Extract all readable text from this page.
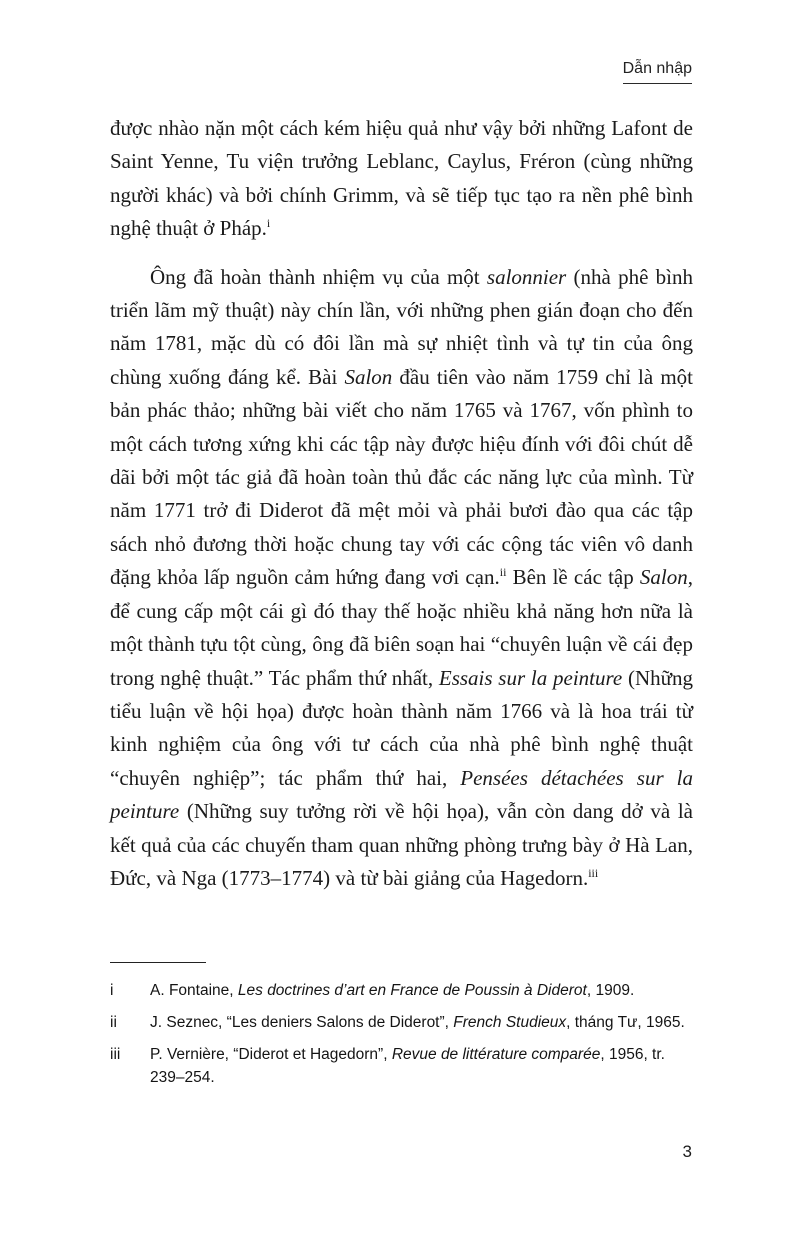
Dẫn nhập

được nhào nặn một cách kém hiệu quả như vậy bởi những Lafont de Saint Yenne, Tu viện trưởng Leblanc, Caylus, Fréron (cùng những người khác) và bởi chính Grimm, và sẽ tiếp tục tạo ra nền phê bình nghệ thuật ở Pháp.$^i$

Ông đã hoàn thành nhiệm vụ của một salonnier (nhà phê bình triển lãm mỹ thuật) này chín lần, với những phen gián đoạn cho đến năm 1781, mặc dù có đôi lần mà sự nhiệt tình và tự tin của ông chùng xuống đáng kể. Bài Salon đầu tiên vào năm 1759 chỉ là một bản phác thảo; những bài viết cho năm 1765 và 1767, vốn phình to một cách tương xứng khi các tập này được hiệu đính với đôi chút dễ dãi bởi một tác giả đã hoàn toàn thủ đắc các năng lực của mình. Từ năm 1771 trở đi Diderot đã mệt mỏi và phải bươi đào qua các tập sách nhỏ đương thời hoặc chung tay với các cộng tác viên vô danh đặng khỏa lấp nguồn cảm hứng đang vơi cạn.$^{ii}$ Bên lề các tập Salon, để cung cấp một cái gì đó thay thế hoặc nhiều khả năng hơn nữa là một thành tựu tột cùng, ông đã biên soạn hai “chuyên luận về cái đẹp trong nghệ thuật.” Tác phẩm thứ nhất, Essais sur la peinture (Những tiểu luận về hội họa) được hoàn thành năm 1766 và là hoa trái từ kinh nghiệm của ông với tư cách của nhà phê bình nghệ thuật “chuyên nghiệp”; tác phẩm thứ hai, Pensées détachées sur la peinture (Những suy tưởng rời về hội họa), vẫn còn dang dở và là kết quả của các chuyến tham quan những phòng trưng bày ở Hà Lan, Đức, và Nga (1773–1774) và từ bài giảng của Hagedorn.$^{iii}$

i	A. Fontaine, Les doctrines d’art en France de Poussin à Diderot, 1909.
ii	J. Seznec, “Les deniers Salons de Diderot”, French Studieux, tháng Tư, 1965.
iii	P. Vernière, “Diderot et Hagedorn”, Revue de littérature comparée, 1956, tr. 239–254.
3
